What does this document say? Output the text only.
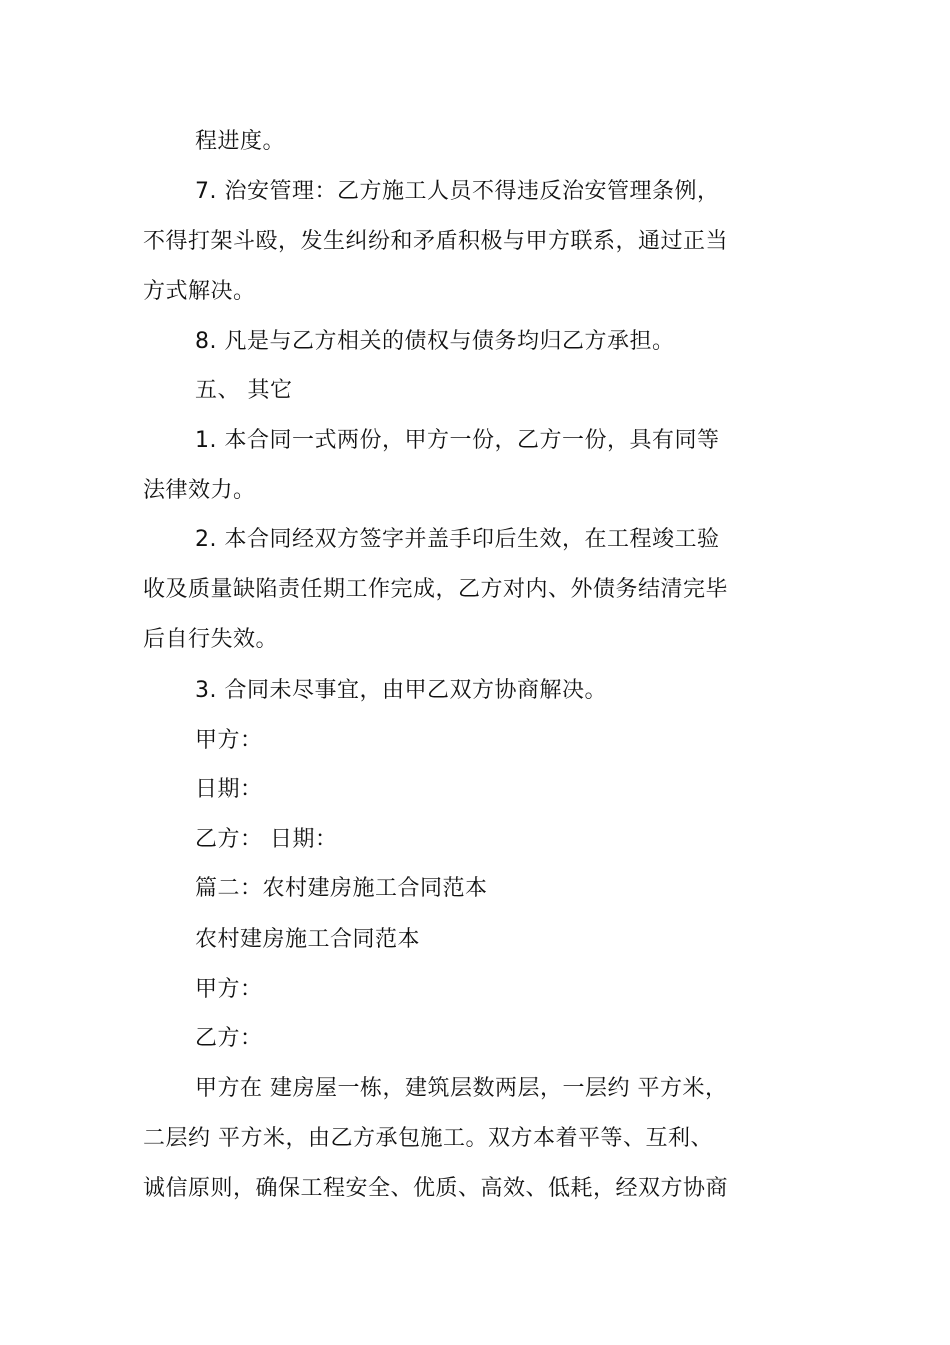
程进度。
7. 治安管理：乙方施工人员不得违反治安管理条例，
不得打架斗殴，发生纠纷和矛盾积极与甲方联系，通过正当
方式解决。
8. 凡是与乙方相关的债权与债务均归乙方承担。
五、 其它
1. 本合同一式两份，甲方一份，乙方一份，具有同等
法律效力。
2. 本合同经双方签字并盖手印后生效，在工程竣工验
收及质量缺陷责任期工作完成，乙方对内、外债务结清完毕
后自行失效。
3. 合同未尽事宜，由甲乙双方协商解决。
甲方：
日期：
乙方： 日期：
篇二：农村建房施工合同范本
农村建房施工合同范本
甲方：
乙方：
甲方在 建房屋一栋，建筑层数两层，一层约 平方米，
二层约 平方米，由乙方承包施工。双方本着平等、互利、
诚信原则，确保工程安全、优质、高效、低耗，经双方协商
